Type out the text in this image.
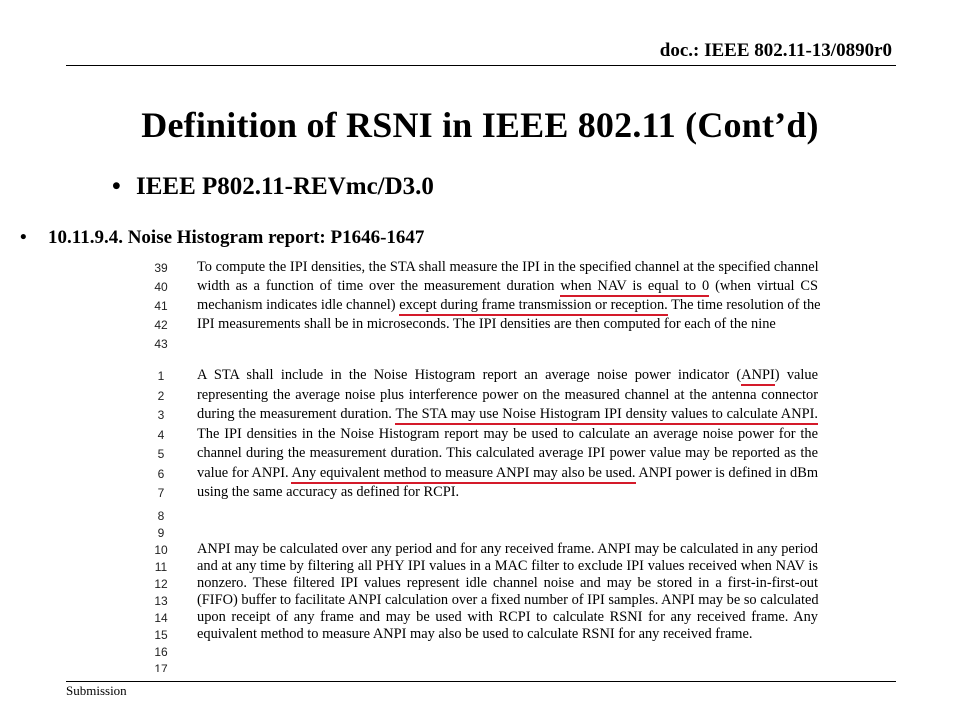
doc.: IEEE 802.11-13/0890r0
Definition of RSNI in IEEE 802.11 (Cont’d)
• IEEE P802.11-REVmc/D3.0
• 10.11.9.4. Noise Histogram report: P1646-1647
39	To compute the IPI densities, the STA shall measure the IPI in the specified channel at the specified channel
40	width as a function of time over the measurement duration when NAV is equal to 0 (when virtual CS
41	mechanism indicates idle channel) except during frame transmission or reception. The time resolution of the
42	IPI measurements shall be in microseconds. The IPI densities are then computed for each of the nine
43
1	A STA shall include in the Noise Histogram report an average noise power indicator (ANPI) value
2	representing the average noise plus interference power on the measured channel at the antenna connector
3	during the measurement duration. The STA may use Noise Histogram IPI density values to calculate ANPI.
4	The IPI densities in the Noise Histogram report may be used to calculate an average noise power for the
5	channel during the measurement duration. This calculated average IPI power value may be reported as the
6	value for ANPI. Any equivalent method to measure ANPI may also be used. ANPI power is defined in dBm
7	using the same accuracy as defined for RCPI.
8
9
10	ANPI may be calculated over any period and for any received frame. ANPI may be calculated in any period
11	and at any time by filtering all PHY IPI values in a MAC filter to exclude IPI values received when NAV is
12	nonzero. These filtered IPI values represent idle channel noise and may be stored in a first-in-first-out
13	(FIFO) buffer to facilitate ANPI calculation over a fixed number of IPI samples. ANPI may be so calculated
14	upon receipt of any frame and may be used with RCPI to calculate RSNI for any received frame. Any
15	equivalent method to measure ANPI may also be used to calculate RSNI for any received frame.
16
17
Submission
